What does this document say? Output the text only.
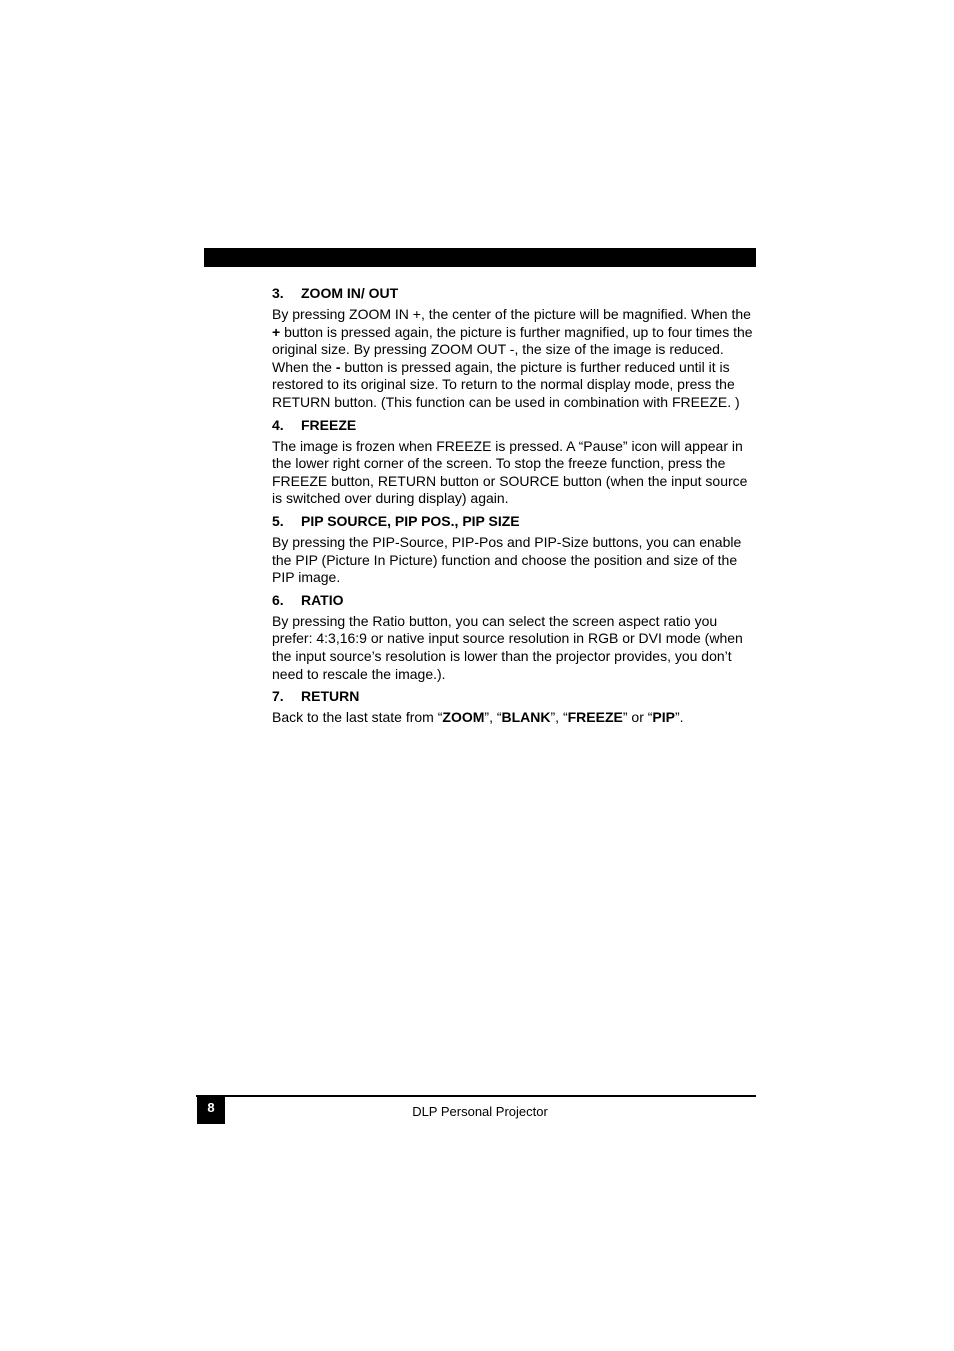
3.	ZOOM IN/ OUT

By pressing ZOOM IN +, the center of the picture will be magnified. When the + button is pressed again, the picture is further magnified, up to four times the original size. By pressing ZOOM OUT -, the size of the image is reduced. When the - button is pressed again, the picture is further reduced until it is restored to its original size. To return to the normal display mode, press the RETURN button. (This function can be used in combination with FREEZE. )

4.	FREEZE

The image is frozen when FREEZE is pressed. A “Pause” icon will appear in the lower right corner of the screen. To stop the freeze function, press the FREEZE button, RETURN button or SOURCE button (when the input source is switched over during display) again.

5.	PIP SOURCE, PIP POS., PIP SIZE

By pressing the PIP-Source, PIP-Pos and PIP-Size buttons, you can enable the PIP (Picture In Picture) function and choose the position and size of the PIP image.

6.	RATIO

By pressing the Ratio button, you can select the screen aspect ratio you prefer: 4:3,16:9 or native input source resolution in RGB or DVI mode (when the input source’s resolution is lower than the projector provides, you don’t need to rescale the image.).

7.	RETURN

Back to the last state from “ZOOM”, “BLANK”, “FREEZE” or “PIP”.

8	DLP Personal Projector
